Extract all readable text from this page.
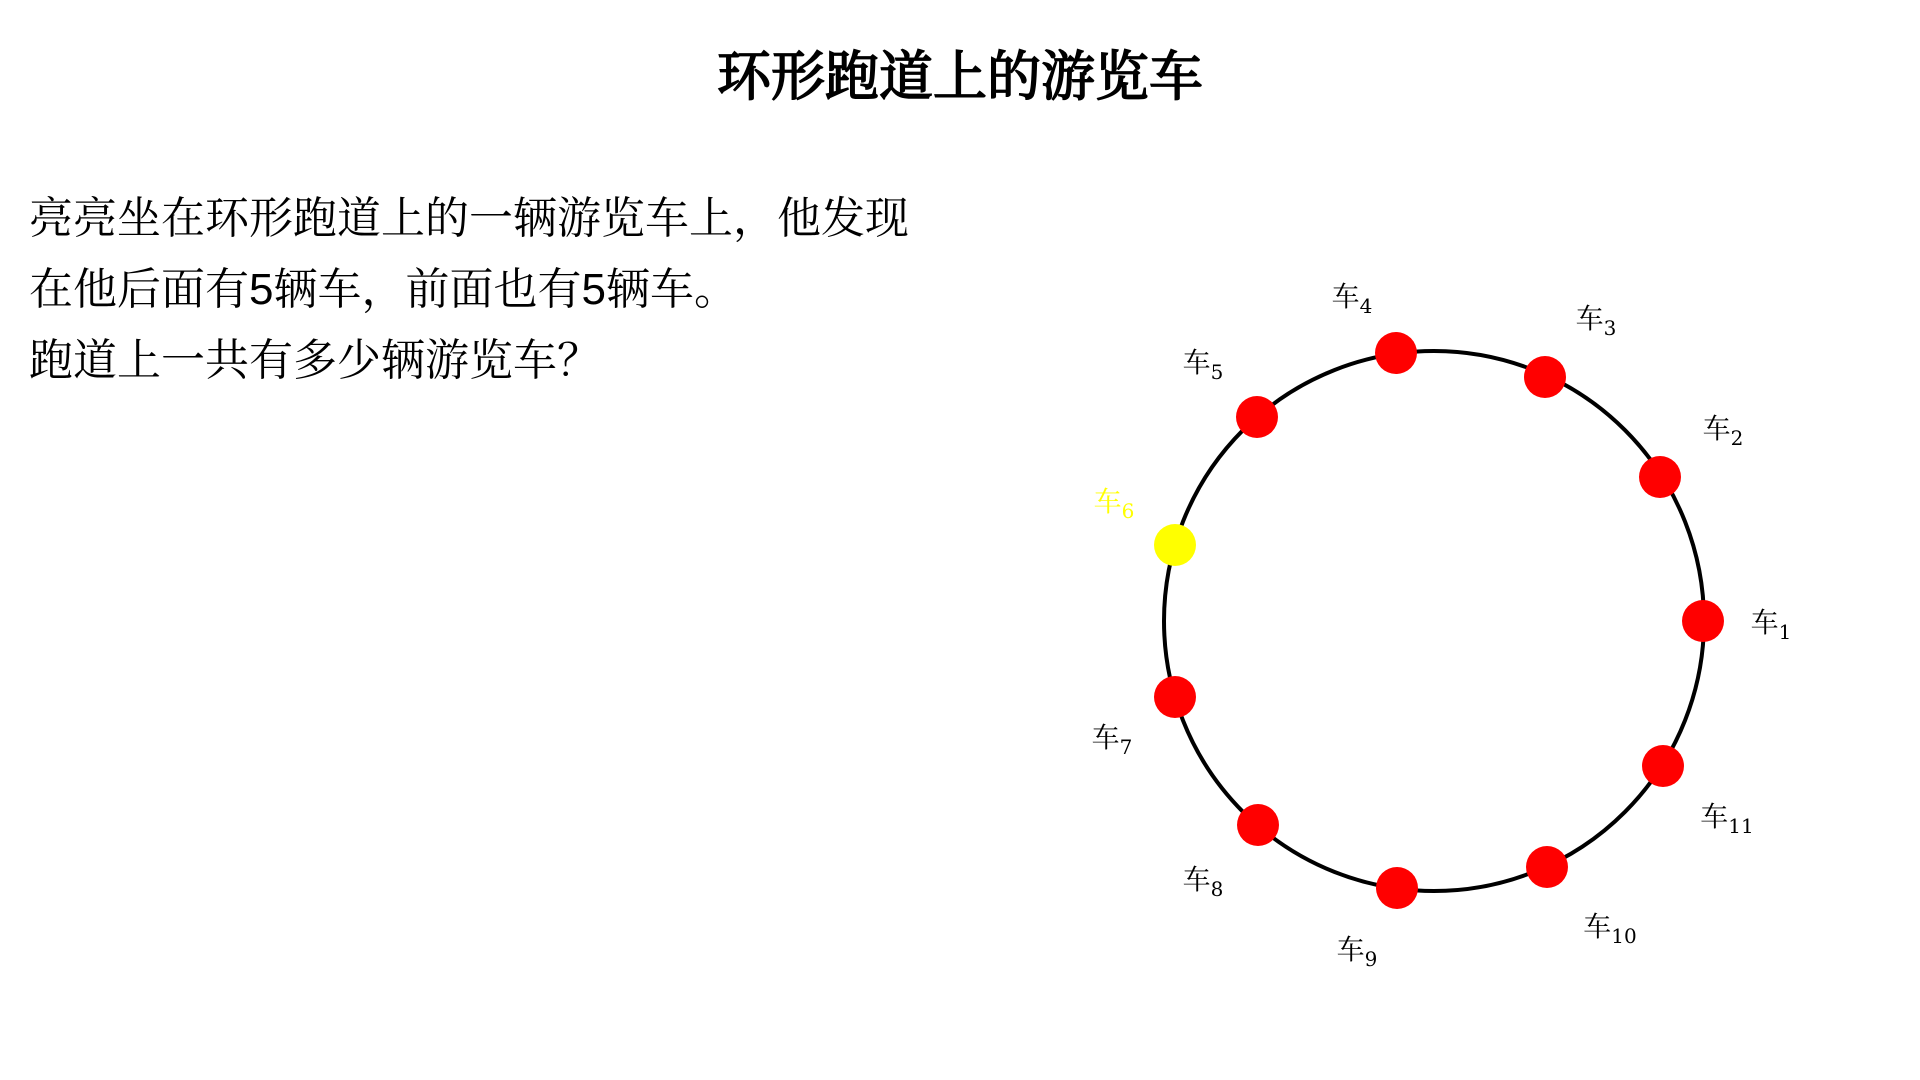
环形跑道上的游览车

亮亮坐在环形跑道上的一辆游览车上，他发现

在他后面有5辆车，前面也有5辆车。

跑道上一共有多少辆游览车？

车$_1$
车$_2$
车$_3$
车$_4$
车$_5$
车$_6$
车$_7$
车$_8$
车$_9$
车$_{10}$
车$_{11}$
